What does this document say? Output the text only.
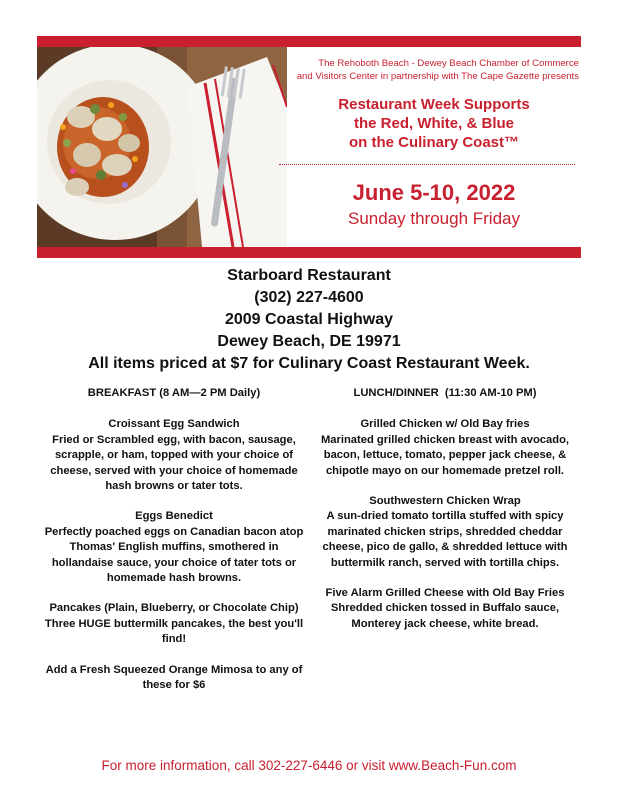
The Rehoboth Beach - Dewey Beach Chamber of Commerce
and Visitors Center in partnership with The Cape Gazette presents
Restaurant Week Supports
the Red, White, & Blue
on the Culinary Coast™
June 5-10, 2022
Sunday through Friday
Starboard Restaurant
(302) 227-4600
2009 Coastal Highway
Dewey Beach, DE 19971
All items priced at $7 for Culinary Coast Restaurant Week.
BREAKFAST (8 AM—2 PM Daily)
Croissant Egg Sandwich
Fried or Scrambled egg, with bacon, sausage, scrapple, or ham, topped with your choice of cheese, served with your choice of homemade hash browns or tater tots.
Eggs Benedict
Perfectly poached eggs on Canadian bacon atop Thomas' English muffins, smothered in hollandaise sauce, your choice of tater tots or homemade hash browns.
Pancakes (Plain, Blueberry, or Chocolate Chip)
Three HUGE buttermilk pancakes, the best you'll find!
Add a Fresh Squeezed Orange Mimosa to any of these for $6
LUNCH/DINNER  (11:30 AM-10 PM)
Grilled Chicken w/ Old Bay fries
Marinated grilled chicken breast with avocado, bacon, lettuce, tomato, pepper jack cheese, & chipotle mayo on our homemade pretzel roll.
Southwestern Chicken Wrap
A sun-dried tomato tortilla stuffed with spicy marinated chicken strips, shredded cheddar cheese, pico de gallo, & shredded lettuce with buttermilk ranch, served with tortilla chips.
Five Alarm Grilled Cheese with Old Bay Fries
Shredded chicken tossed in Buffalo sauce, Monterey jack cheese, white bread.
For more information, call 302-227-6446 or visit www.Beach-Fun.com
